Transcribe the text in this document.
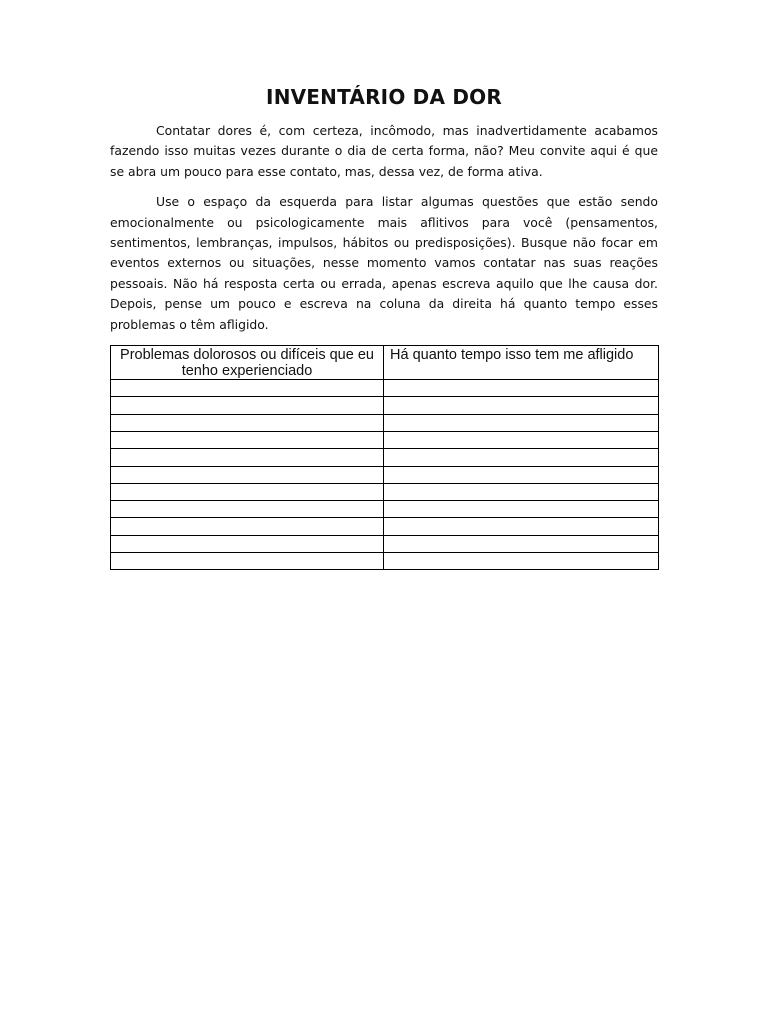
INVENTÁRIO DA DOR

Contatar dores é, com certeza, incômodo, mas inadvertidamente acabamos fazendo isso muitas vezes durante o dia de certa forma, não? Meu convite aqui é que se abra um pouco para esse contato, mas, dessa vez, de forma ativa.

Use o espaço da esquerda para listar algumas questões que estão sendo emocionalmente ou psicologicamente mais aflitivos para você (pensamentos, sentimentos, lembranças, impulsos, hábitos ou predisposições). Busque não focar em eventos externos ou situações, nesse momento vamos contatar nas suas reações pessoais. Não há resposta certa ou errada, apenas escreva aquilo que lhe causa dor. Depois, pense um pouco e escreva na coluna da direita há quanto tempo esses problemas o têm afligido.

Problemas dolorosos ou difíceis que eu tenho experienciado	Há quanto tempo isso tem me afligido
